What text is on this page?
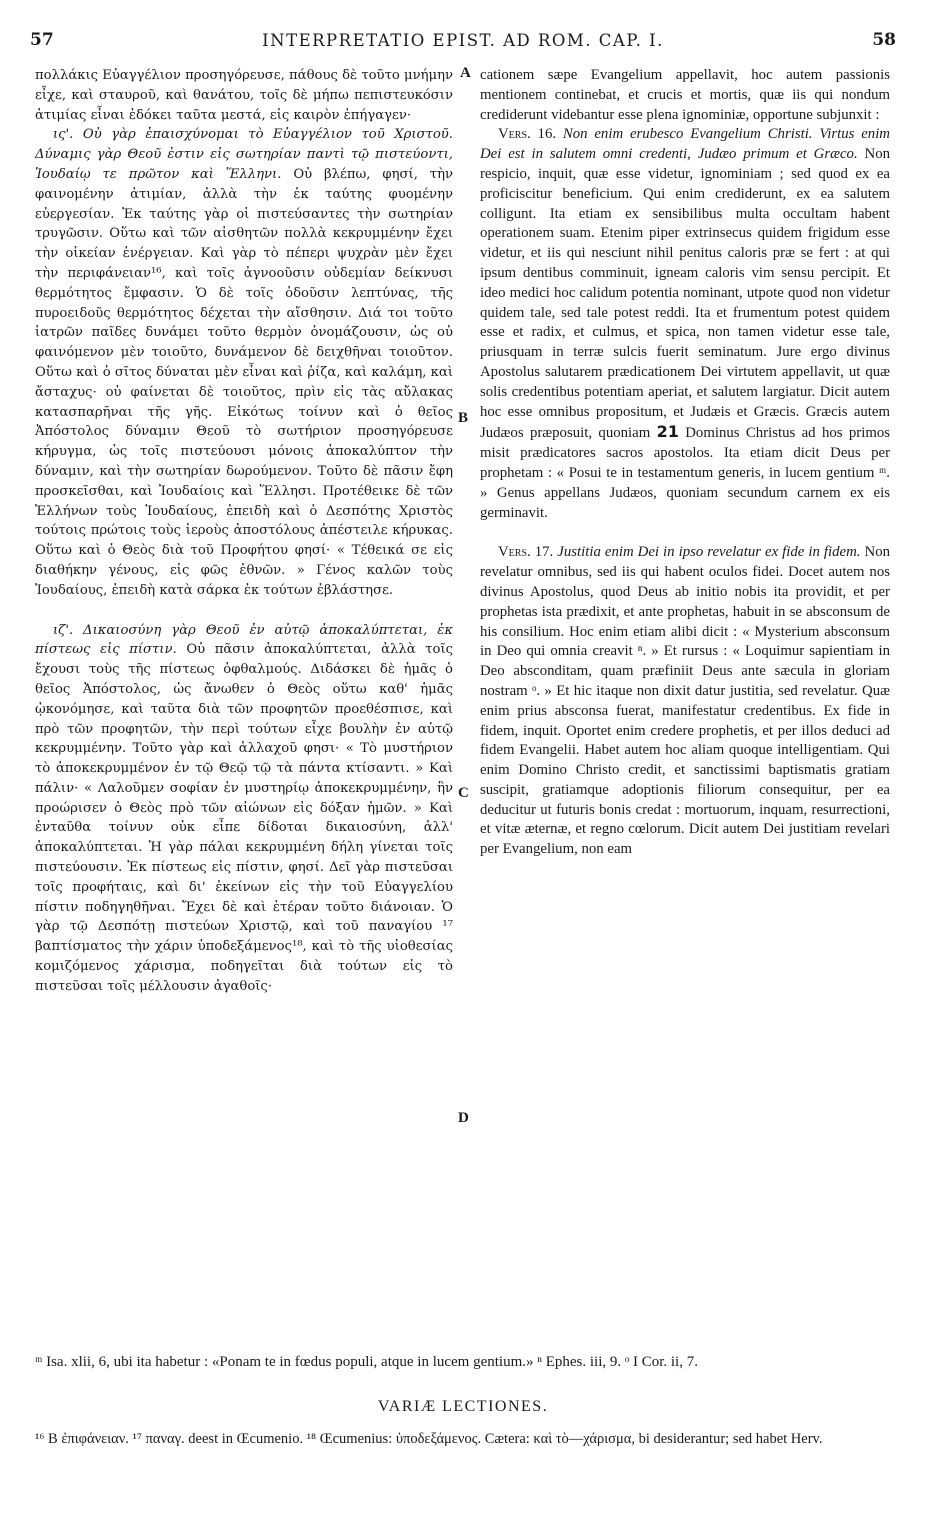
57	INTERPRETATIO EPIST. AD ROM. CAP. I.	58

πολλάκις Εὐαγγέλιον προσηγόρευσε, πάθους δὲ τοῦτο μνήμην εἶχε, καὶ σταυροῦ, καὶ θανάτου, τοῖς δὲ μήπω πεπιστευκόσιν ἀτιμίας εἶναι ἐδόκει ταῦτα μεστά, εἰς καιρὸν ἐπήγαγεν·

ις'. Οὐ γὰρ ἐπαισχύνομαι τὸ Εὐαγγέλιον τοῦ Χριστοῦ. Δύναμις γὰρ Θεοῦ ἐστιν εἰς σωτηρίαν παντὶ τῷ πιστεύοντι, Ἰουδαίῳ τε πρῶτον καὶ Ἕλληνι. Οὐ βλέπω, φησί, τὴν φαινομένην ἀτιμίαν, ἀλλὰ τὴν ἐκ ταύτης φυομένην εὐεργεσίαν. Ἐκ ταύτης γὰρ οἱ πιστεύσαντες τὴν σωτηρίαν τρυγῶσιν. Οὕτω καὶ τῶν αἰσθητῶν πολλὰ κεκρυμμένην ἔχει τὴν οἰκείαν ἐνέργειαν. Καὶ γὰρ τὸ πέπερι ψυχρὰν μὲν ἔχει τὴν περιφάνειαν¹⁶, καὶ τοῖς ἀγνοοῦσιν οὐδεμίαν δείκνυσι θερμότητος ἔμφασιν. Ὁ δὲ τοῖς ὀδοῦσιν λεπτύνας, τῆς πυροειδοῦς θερμότητος δέχεται τὴν αἴσθησιν. Διά τοι τοῦτο ἰατρῶν παῖδες δυνάμει τοῦτο θερμὸν ὀνομάζουσιν, ὡς οὐ φαινόμενον μὲν τοιοῦτο, δυνάμενον δὲ δειχθῆναι τοιοῦτον. Οὕτω καὶ ὁ σῖτος δύναται μὲν εἶναι καὶ ῥίζα, καὶ καλάμη, καὶ ἄσταχυς· οὐ φαίνεται δὲ τοιοῦτος, πρὶν εἰς τὰς αὔλακας κατασπαρῆναι τῆς γῆς. Εἰκότως τοίνυν καὶ ὁ θεῖος Ἀπόστολος δύναμιν Θεοῦ τὸ σωτήριον προσηγόρευσε κήρυγμα, ὡς τοῖς πιστεύουσι μόνοις ἀποκαλύπτον τὴν δύναμιν, καὶ τὴν σωτηρίαν δωρούμενον. Τοῦτο δὲ πᾶσιν ἔφη προσκεῖσθαι, καὶ Ἰουδαίοις καὶ Ἕλλησι. Προτέθεικε δὲ τῶν Ἑλλήνων τοὺς Ἰουδαίους, ἐπειδὴ καὶ ὁ Δεσπότης Χριστὸς τούτοις πρώτοις τοὺς ἱεροὺς ἀποστόλους ἀπέστειλε κήρυκας. Οὕτω καὶ ὁ Θεὸς διὰ τοῦ Προφήτου φησί· « Τέθεικά σε εἰς διαθήκην γένους, εἰς φῶς ἐθνῶν. » Γένος καλῶν τοὺς Ἰουδαίους, ἐπειδὴ κατὰ σάρκα ἐκ τούτων ἐβλάστησε.

ιζ'. Δικαιοσύνη γὰρ Θεοῦ ἐν αὐτῷ ἀποκαλύπτεται, ἐκ πίστεως εἰς πίστιν. Οὐ πᾶσιν ἀποκαλύπτεται, ἀλλὰ τοῖς ἔχουσι τοὺς τῆς πίστεως ὀφθαλμούς. Διδάσκει δὲ ἡμᾶς ὁ θεῖος Ἀπόστολος, ὡς ἄνωθεν ὁ Θεὸς οὕτω καθ' ἡμᾶς ᾠκονόμησε, καὶ ταῦτα διὰ τῶν προφητῶν προεθέσπισε, καὶ πρὸ τῶν προφητῶν, τὴν περὶ τούτων εἶχε βουλὴν ἐν αὐτῷ κεκρυμμένην. Τοῦτο γὰρ καὶ ἀλλαχοῦ φησι· « Τὸ μυστήριον τὸ ἀποκεκρυμμένον ἐν τῷ Θεῷ τῷ τὰ πάντα κτίσαντι. » Καὶ πάλιν· « Λαλοῦμεν σοφίαν ἐν μυστηρίῳ ἀποκεκρυμμένην, ἣν προώρισεν ὁ Θεὸς πρὸ τῶν αἰώνων εἰς δόξαν ἡμῶν. » Καὶ ἐνταῦθα τοίνυν οὐκ εἶπε δίδοται δικαιοσύνη, ἀλλ' ἀποκαλύπτεται. Ἡ γὰρ πάλαι κεκρυμμένη δήλη γίνεται τοῖς πιστεύουσιν. Ἐκ πίστεως εἰς πίστιν, φησί. Δεῖ γὰρ πιστεῦσαι τοῖς προφήταις, καὶ δι' ἐκείνων εἰς τὴν τοῦ Εὐαγγελίου πίστιν ποδηγηθῆναι. Ἔχει δὲ καὶ ἑτέραν τοῦτο διάνοιαν. Ὁ γὰρ τῷ Δεσπότῃ πιστεύων Χριστῷ, καὶ τοῦ παναγίου ¹⁷ βαπτίσματος τὴν χάριν ὑποδεξάμενος¹⁸, καὶ τὸ τῆς υἱοθεσίας κομιζόμενος χάρισμα, ποδηγεῖται διὰ τούτων εἰς τὸ πιστεῦσαι τοῖς μέλλουσιν ἀγαθοῖς·

A
B
C
D

cationem sæpe Evangelium appellavit, hoc autem passionis mentionem continebat, et crucis et mortis, quæ iis qui nondum crediderunt videbantur esse plena ignominiæ, opportune subjunxit :

Vers. 16. Non enim erubesco Evangelium Christi. Virtus enim Dei est in salutem omni credenti, Judæo primum et Græco. Non respicio, inquit, quæ esse videtur, ignominiam ; sed quod ex ea proficiscitur beneficium. Qui enim crediderunt, ex ea salutem colligunt. Ita etiam ex sensibilibus multa occultam habent operationem suam. Etenim piper extrinsecus quidem frigidum esse videtur, et iis qui nesciunt nihil penitus caloris præ se fert : at qui ipsum dentibus comminuit, igneam caloris vim sensu percipit. Et ideo medici hoc calidum potentia nominant, utpote quod non videtur quidem tale, sed tale potest reddi. Ita et frumentum potest quidem esse et radix, et culmus, et spica, non tamen videtur esse tale, priusquam in terræ sulcis fuerit seminatum. Jure ergo divinus Apostolus salutarem prædicationem Dei virtutem appellavit, ut quæ solis credentibus potentiam aperiat, et salutem largiatur. Dicit autem hoc esse omnibus propositum, et Judæis et Græcis. Græcis autem Judæos præposuit, quoniam 21 Dominus Christus ad hos primos misit prædicatores sacros apostolos. Ita etiam dicit Deus per prophetam : « Posui te in testamentum generis, in lucem gentium ᵐ. » Genus appellans Judæos, quoniam secundum carnem ex eis germinavit.

Vers. 17. Justitia enim Dei in ipso revelatur ex fide in fidem. Non revelatur omnibus, sed iis qui habent oculos fidei. Docet autem nos divinus Apostolus, quod Deus ab initio nobis ita providit, et per prophetas ista prædixit, et ante prophetas, habuit in se absconsum de his consilium. Hoc enim etiam alibi dicit : « Mysterium absconsum in Deo qui omnia creavit ⁿ. » Et rursus : « Loquimur sapientiam in Deo absconditam, quam præfiniit Deus ante sæcula in gloriam nostram ᵒ. » Et hic itaque non dixit datur justitia, sed revelatur. Quæ enim prius absconsa fuerat, manifestatur credentibus. Ex fide in fidem, inquit. Oportet enim credere prophetis, et per illos deduci ad fidem Evangelii. Habet autem hoc aliam quoque intelligentiam. Qui enim Domino Christo credit, et sanctissimi baptismatis gratiam suscipit, gratiamque adoptionis filiorum consequitur, per ea deducitur ut futuris bonis credat : mortuorum, inquam, resurrectioni, et vitæ æternæ, et regno cœlorum. Dicit autem Dei justitiam revelari per Evangelium, non eam

ᵐ Isa. xlii, 6, ubi ita habetur : «Ponam te in fœdus populi, atque in lucem gentium.» ⁿ Ephes. iii, 9. ᵒ I Cor. ii, 7.
VARIÆ LECTIONES.
¹⁶ B ἐπιφάνειαν. ¹⁷ παναγ. deest in Œcumenio. ¹⁸ Œcumenius: ὑποδεξάμενος. Cætera: καὶ τὸ—χάρισμα, bi desiderantur; sed habet Herv.
